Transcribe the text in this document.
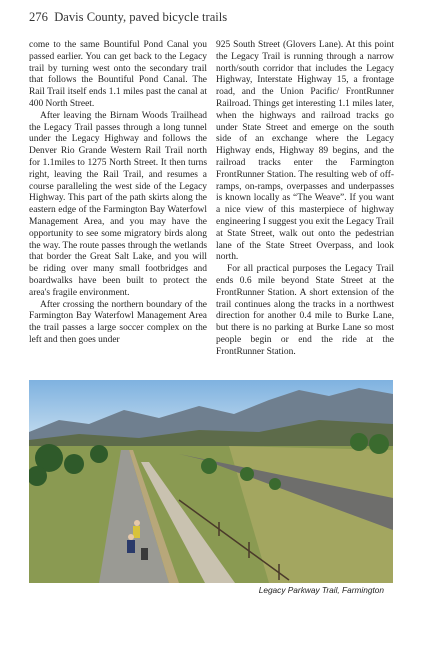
276 Davis County, paved bicycle trails

come to the same Bountiful Pond Canal you passed earlier. You can get back to the Legacy trail by turning west onto the secondary trail that follows the Bountiful Pond Canal. The Rail Trail itself ends 1.1 miles past the canal at 400 North Street.

After leaving the Birnam Woods Trailhead the Legacy Trail passes through a long tunnel under the Legacy Highway and follows the Denver Rio Grande Western Rail Trail north for 1.1miles to 1275 North Street. It then turns right, leaving the Rail Trail, and resumes a course paralleling the west side of the Legacy Highway. This part of the path skirts along the eastern edge of the Farmington Bay Waterfowl Management Area, and you may have the opportunity to see some migratory birds along the way. The route passes through the wetlands that border the Great Salt Lake, and you will be riding over many small footbridges and boardwalks have been built to protect the area's fragile environment.

After crossing the northern boundary of the Farmington Bay Waterfowl Management Area the trail passes a large soccer complex on the left and then goes under

925 South Street (Glovers Lane). At this point the Legacy Trail is running through a narrow north/south corridor that includes the Legacy Highway, Interstate Highway 15, a frontage road, and the Union Pacific/ FrontRunner Railroad. Things get interesting 1.1 miles later, when the highways and railroad tracks go under State Street and emerge on the south side of an exchange where the Legacy Highway ends, Highway 89 begins, and the railroad tracks enter the Farmington FrontRunner Station. The resulting web of off-ramps, on-ramps, overpasses and underpasses is known locally as “The Weave”. If you want a nice view of this masterpiece of highway engineering I suggest you exit the Legacy Trail at State Street, walk out onto the pedestrian lane of the State Street Overpass, and look north.

For all practical purposes the Legacy Trail ends 0.6 mile beyond State Street at the FrontRunner Station. A short extension of the trail continues along the tracks in a northwest direction for another 0.4 mile to Burke Lane, but there is no parking at Burke Lane so most people begin or end the ride at the FrontRunner Station.

Legacy Parkway Trail, Farmington
